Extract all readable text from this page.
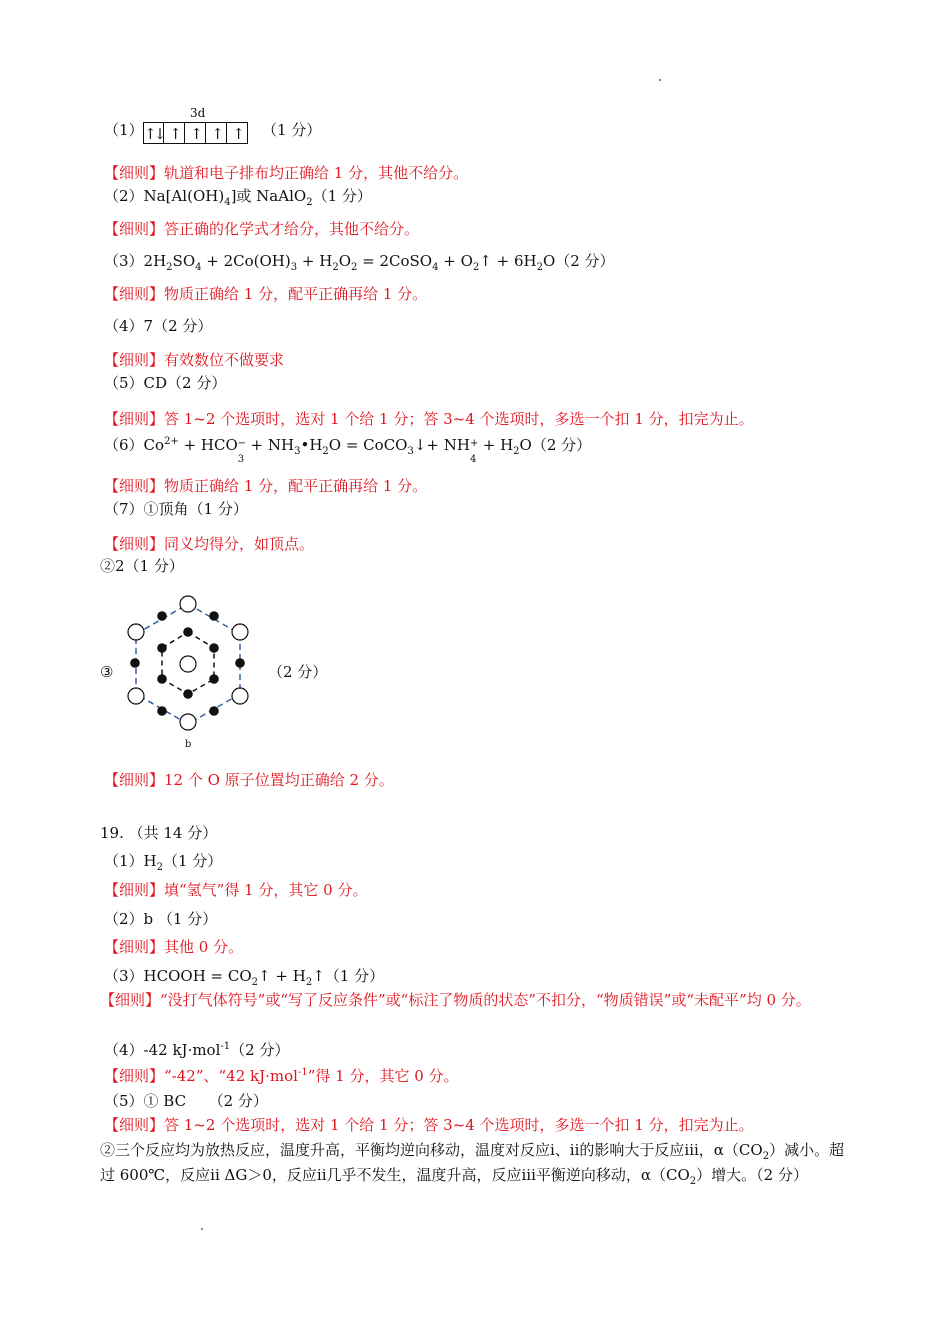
（1）
3d
↑↓ ↑ ↑ ↑ ↑	（1 分）
【细则】轨道和电子排布均正确给 1 分，其他不给分。
$(2)Na[Al(OH)_4]$或 NaAlO$_2$（1 分）
【细则】答正确的化学式才给分，其他不给分。
$(3)2H_2SO_4 + 2Co(OH)_3 + H_2O_2$ = 2CoSO$_4$ + $O_2↑ + 6H_2O(2$ 分）
【细则】物质正确给 1 分，配平正确再给 1 分。
（4）7（2 分）
【细则】有效数位不做要求
（5）CD（2 分）
【细则】答 1~2 个选项时，选对 1 个给 1 分；答 3~4 个选项时，多选一个扣 1 分，扣完为止。
$(6)Co^{2+}$ + HCO −
3
+ $NH_3•H_2O$ = CoCO$_3$↓+ NH +
4
+ $H_2O(2$ 分）
【细则】物质正确给 1 分，配平正确再给 1 分。
（7）①顶角（1 分）
【细则】同义均得分，如顶点。
②2（1 分）
③
b
（2 分）
【细则】12 个 O 原子位置均正确给 2 分。
19. （共 14 分）
$(1)H_2(1$ 分）
【细则】填“氢气”得 1 分，其它 0 分。
（2）b （1 分）
【细则】其他 0 分。
（3）HCOOH = $CO_2↑$ + $H_2↑(1$ 分）
【细则】“没打气体符号”或“写了反应条件”或“标注了物质的状态”不扣分，“物质错误”或“未配平”均 0 分。
（4）-42 kJ·mol$^{-1}$（2 分）
【细则】“-42”、“42 kJ·mol$^{-1}$”得 1 分，其它 0 分。
（5）① BC　　（2 分）
【细则】答 1~2 个选项时，选对 1 个给 1 分；答 3~4 个选项时，多选一个扣 1 分，扣完为止。
②三个反应均为放热反应，温度升高，平衡均逆向移动，温度对反应i、ii的影响大于反应iii，$\alpha(CO_2)$减小。超过 600℃，反应ii ΔG＞0，反应ii几乎不发生，温度升高，反应iii平衡逆向移动，$\alpha(CO_2)$增大。（2 分）
